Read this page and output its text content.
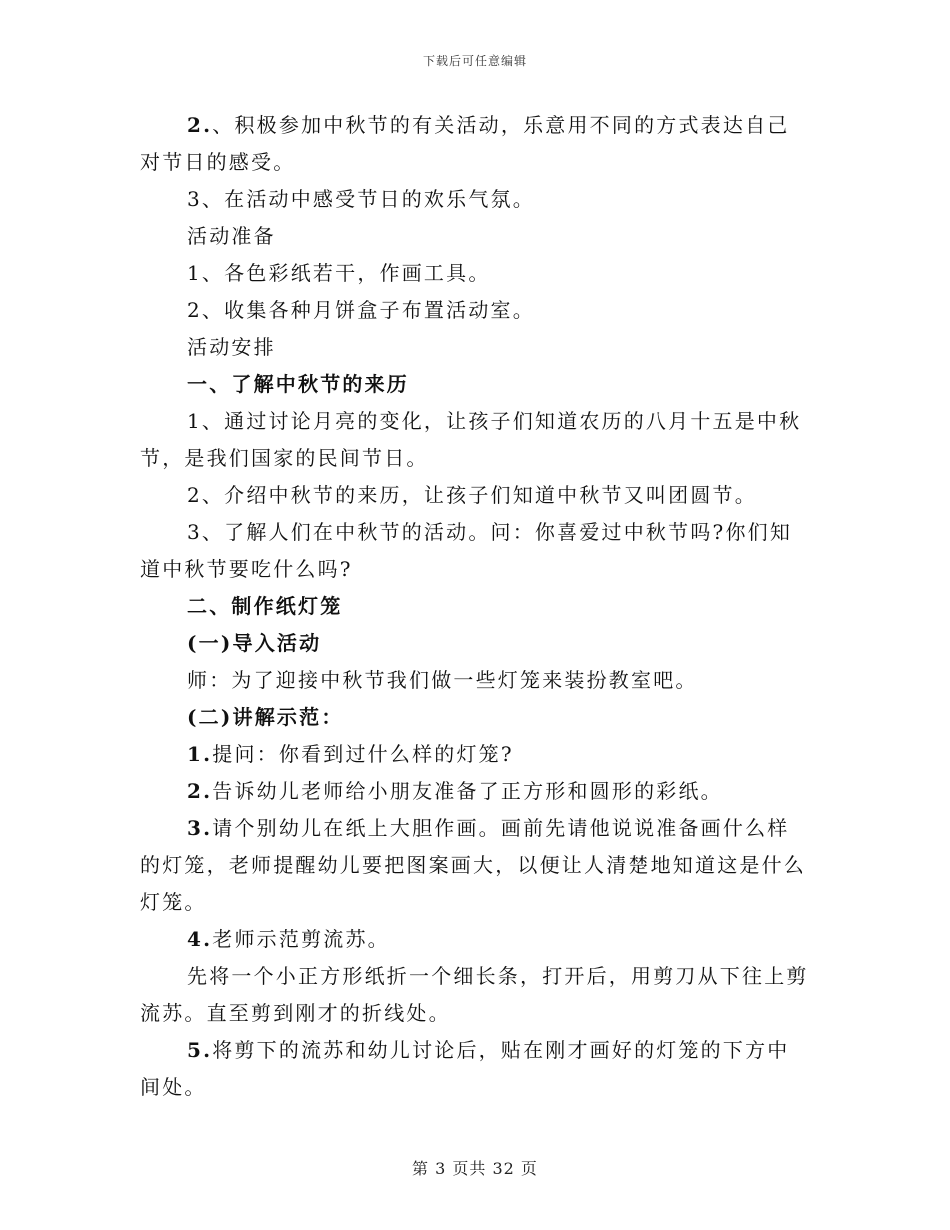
下载后可任意编辑

2.、积极参加中秋节的有关活动，乐意用不同的方式表达自己对节日的感受。

3、在活动中感受节日的欢乐气氛。

活动准备

1、各色彩纸若干，作画工具。

2、收集各种月饼盒子布置活动室。

活动安排

一、了解中秋节的来历

1、通过讨论月亮的变化，让孩子们知道农历的八月十五是中秋节，是我们国家的民间节日。

2、介绍中秋节的来历，让孩子们知道中秋节又叫团圆节。

3、了解人们在中秋节的活动。问：你喜爱过中秋节吗?你们知道中秋节要吃什么吗?

二、制作纸灯笼

(一)导入活动

师：为了迎接中秋节我们做一些灯笼来装扮教室吧。

(二)讲解示范：

1.提问：你看到过什么样的灯笼?

2.告诉幼儿老师给小朋友准备了正方形和圆形的彩纸。

3.请个别幼儿在纸上大胆作画。画前先请他说说准备画什么样的灯笼，老师提醒幼儿要把图案画大，以便让人清楚地知道这是什么灯笼。

4.老师示范剪流苏。

先将一个小正方形纸折一个细长条，打开后，用剪刀从下往上剪流苏。直至剪到刚才的折线处。

5.将剪下的流苏和幼儿讨论后，贴在刚才画好的灯笼的下方中间处。

第 3 页共 32 页
